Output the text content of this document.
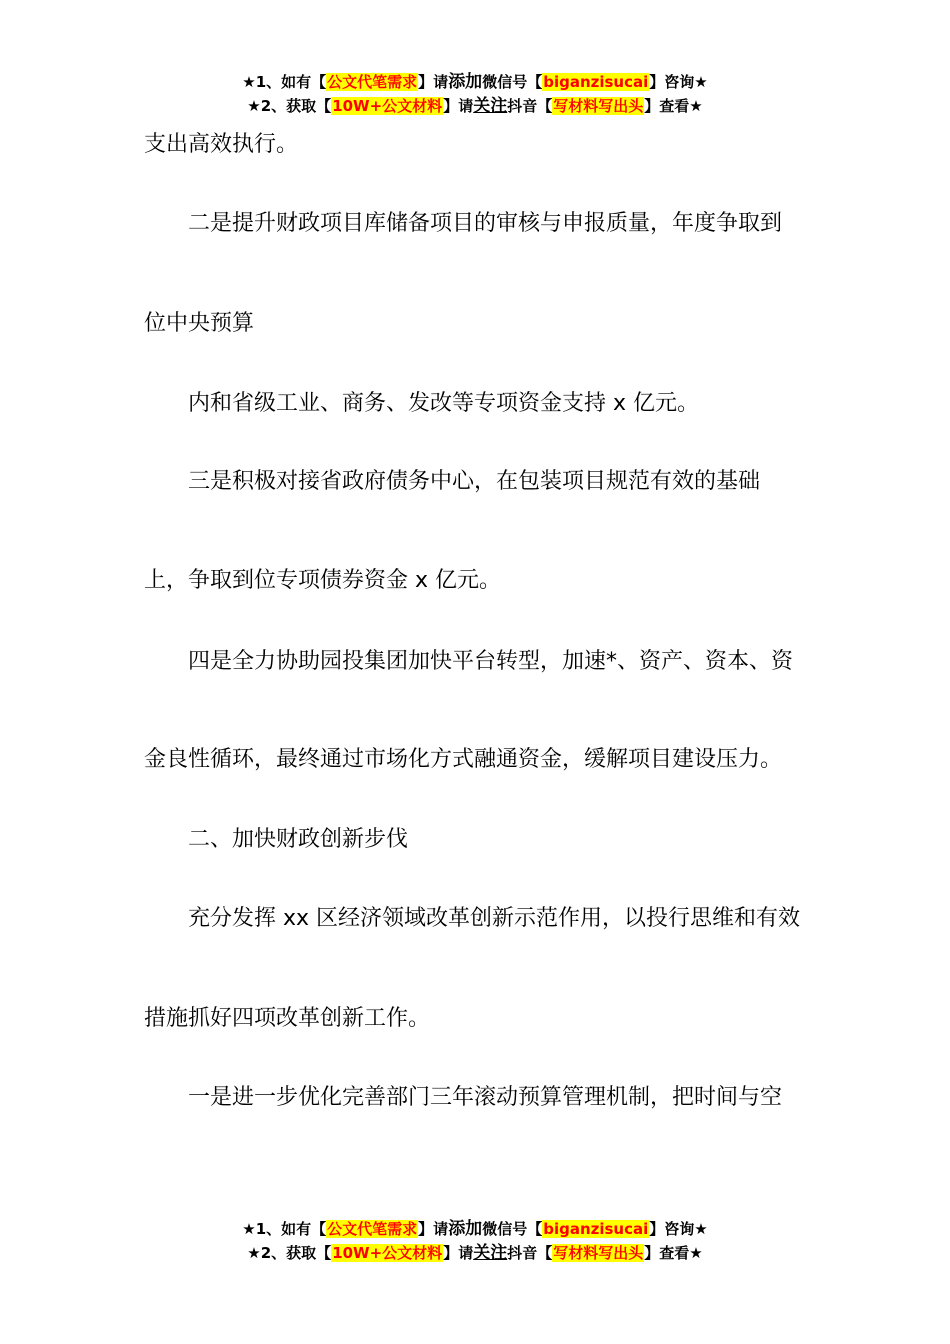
★1、如有【公文代笔需求】请添加微信号【biganzisucai】咨询★
★2、获取【10W+公文材料】请关注抖音【写材料写出头】查看★
支出高效执行。
二是提升财政项目库储备项目的审核与申报质量，年度争取到
位中央预算
内和省级工业、商务、发改等专项资金支持 x 亿元。
三是积极对接省政府债务中心，在包装项目规范有效的基础
上，争取到位专项债券资金 x 亿元。
四是全力协助园投集团加快平台转型，加速*、资产、资本、资
金良性循环，最终通过市场化方式融通资金，缓解项目建设压力。
二、加快财政创新步伐
充分发挥 xx 区经济领域改革创新示范作用，以投行思维和有效
措施抓好四项改革创新工作。
一是进一步优化完善部门三年滚动预算管理机制，把时间与空
★1、如有【公文代笔需求】请添加微信号【biganzisucai】咨询★
★2、获取【10W+公文材料】请关注抖音【写材料写出头】查看★
